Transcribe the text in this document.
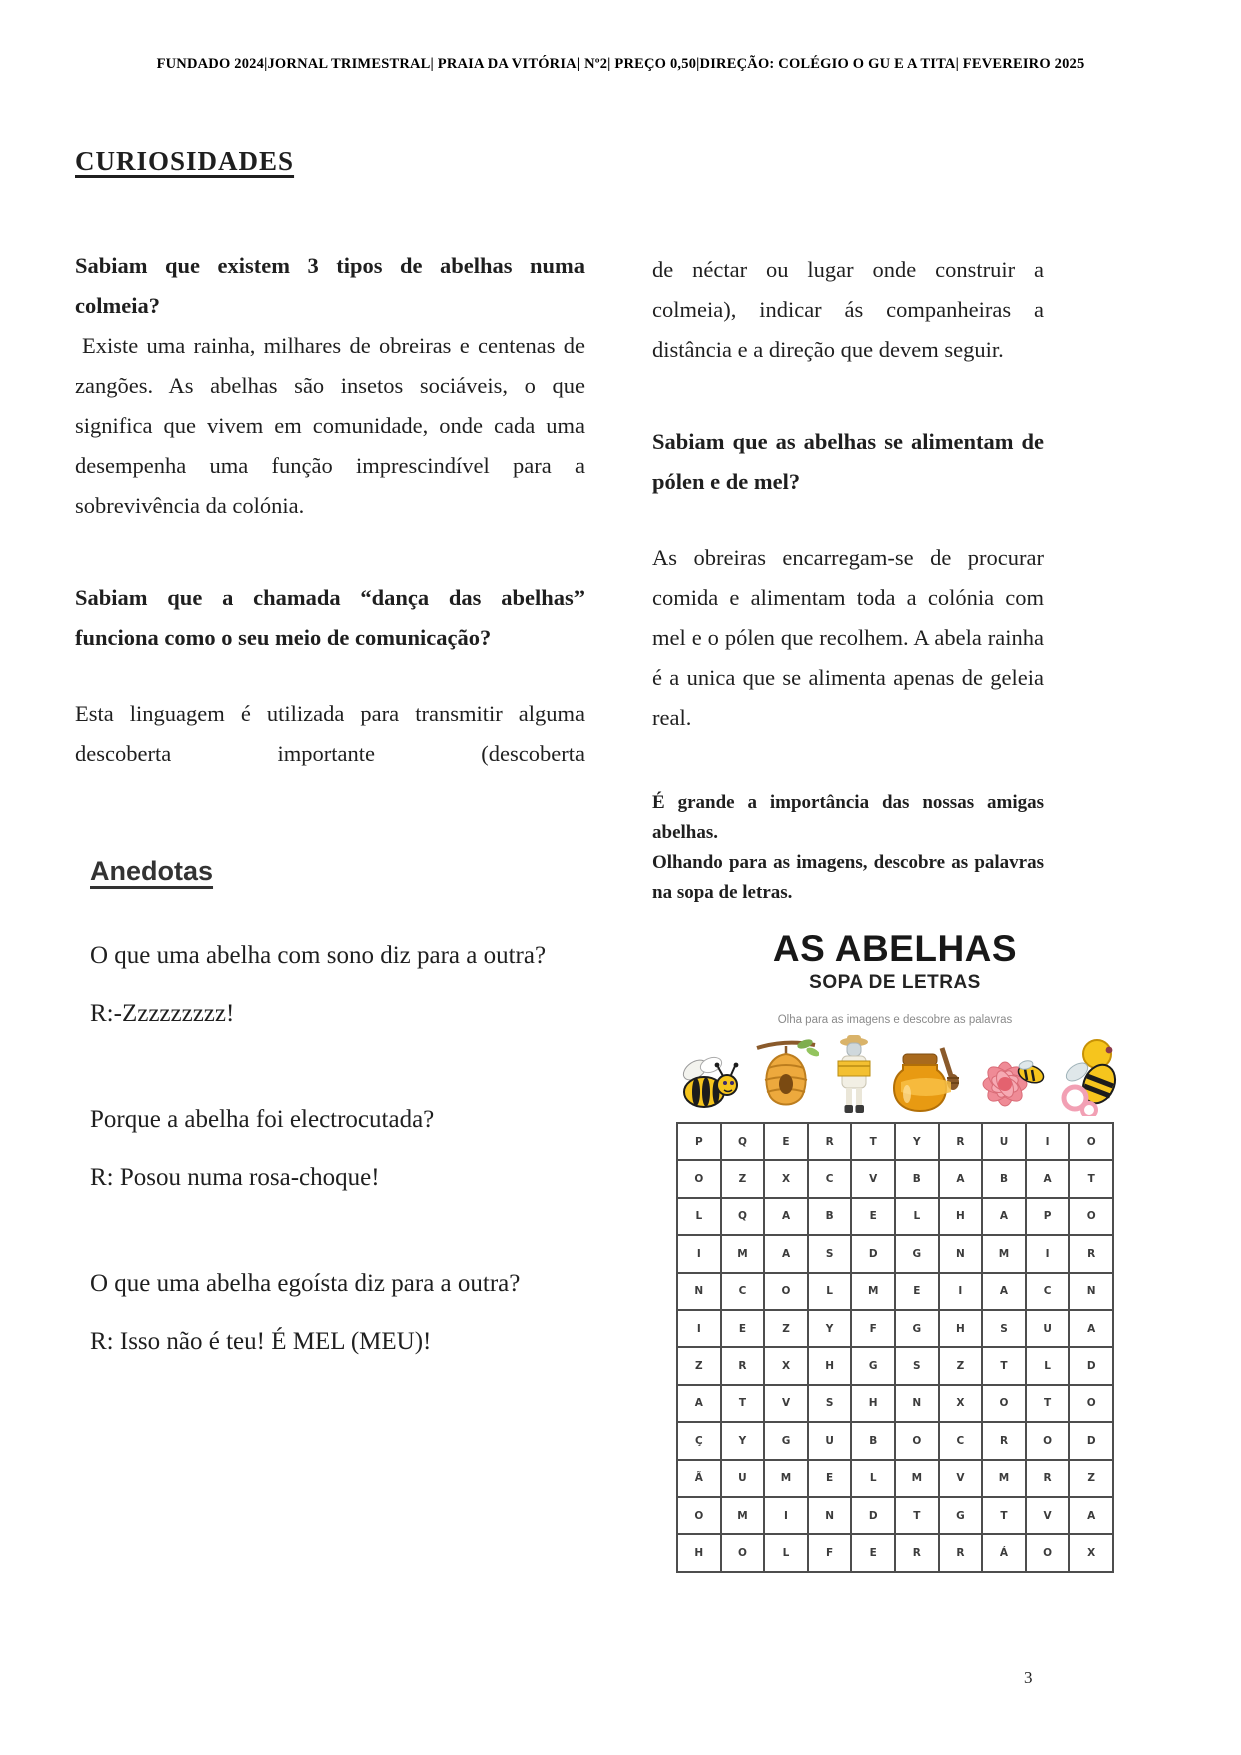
FUNDADO 2024|JORNAL TRIMESTRAL| PRAIA DA VITÓRIA| Nº2| PREÇO 0,50|DIREÇÃO: COLÉGIO O GU E A TITA| FEVEREIRO 2025
CURIOSIDADES

Sabiam que existem 3 tipos de abelhas numa colmeia?

Existe uma rainha, milhares de obreiras e centenas de zangões. As abelhas são insetos sociáveis, o que significa que vivem em comunidade, onde cada uma desempenha uma função imprescindível para a sobrevivência da colónia.

Sabiam que a chamada “dança das abelhas” funciona como o seu meio de comunicação?

Esta linguagem é utilizada para transmitir alguma descoberta importante (descoberta

de néctar ou lugar onde construir a colmeia), indicar ás companheiras a distância e a direção que devem seguir.

Sabiam que as abelhas se alimentam de pólen e de mel?

As obreiras encarregam-se de procurar comida e alimentam toda a colónia com mel e o pólen que recolhem. A abela rainha é a unica que se alimenta apenas de geleia real.

É grande a importância das nossas amigas abelhas.

Olhando para as imagens, descobre as palavras na sopa de letras.

Anedotas

O que uma abelha com sono diz para a outra?

R:-Zzzzzzzzz!

Porque a abelha foi electrocutada?

R: Posou numa rosa-choque!

O que uma abelha egoísta diz para a outra?

R: Isso não é teu! É MEL (MEU)!

AS ABELHAS
SOPA DE LETRAS
Olha para as imagens e descobre as palavras
P	Q	E	R	T	Y	R	U	I	O
O	Z	X	C	V	B	A	B	A	T
L	Q	A	B	E	L	H	A	P	O
I	M	A	S	D	G	N	M	I	R
N	C	O	L	M	E	I	A	C	N
I	E	Z	Y	F	G	H	S	U	A
Z	R	X	H	G	S	Z	T	L	D
A	T	V	S	H	N	X	O	T	O
Ç	Y	G	U	B	O	C	R	O	D
Ã	U	M	E	L	M	V	M	R	Z
O	M	I	N	D	T	G	T	V	A
H	O	L	F	E	R	R	Á	O	X
3
